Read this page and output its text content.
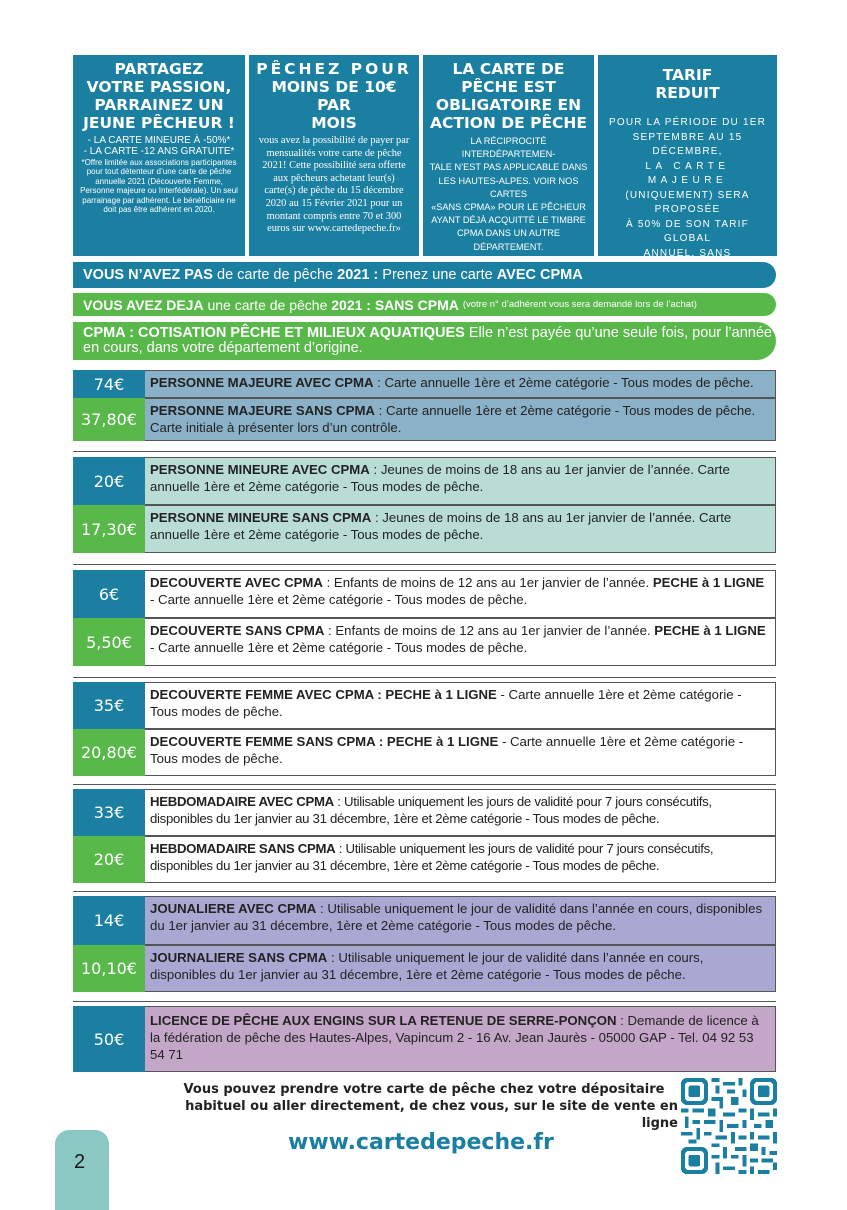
PARTAGEZ
VOTRE PASSION,
PARRAINEZ UN
JEUNE PÊCHEUR !
- LA CARTE MINEURE À -50%*
- LA CARTE -12 ANS GRATUITE*
*Offre limitée aux associations participantes
pour tout détenteur d’une carte de pêche
annuelle 2021 (Découverte Femme,
Personne majeure ou Interfédérale). Un seul
parrainage par adhérent. Le bénéficiaire ne
doit pas être adhérent en 2020.
PÊCHEZ POUR
MOINS DE 10€ PAR
MOIS
vous avez la possibilité de payer par
mensualités votre carte de pêche
2021! Cette possibilité sera offerte
aux pêcheurs achetant leur(s)
carte(s) de pêche du 15 décembre
2020 au 15 Février 2021 pour un
montant compris entre 70 et 300
euros sur www.cartedepeche.fr»
LA CARTE DE
PÊCHE EST
OBLIGATOIRE EN
ACTION DE PÊCHE
LA RÉCIPROCITÉ INTERDÉPARTEMEN-
TALE N’EST PAS APPLICABLE DANS
LES HAUTES-ALPES. VOIR NOS CARTES
«SANS CPMA» POUR LE PÊCHEUR
AYANT DÉJÀ ACQUITTÉ LE TIMBRE
CPMA DANS UN AUTRE DÉPARTEMENT.
TARIF
REDUIT
POUR LA PÉRIODE DU 1ER
SEPTEMBRE AU 15 DÉCEMBRE,
LA CARTE MAJEURE
(UNIQUEMENT) SERA PROPOSÉE
À 50% DE SON TARIF GLOBAL
ANNUEL, SANS
VOUS N’AVEZ PAS de carte de pêche 2021 : Prenez une carte AVEC CPMA
VOUS AVEZ DEJA une carte de pêche 2021 : SANS CPMA (votre n° d’adhérent vous sera demandé lors de l’achat)
CPMA : COTISATION PÊCHE ET MILIEUX AQUATIQUES Elle n’est payée qu’une seule fois, pour l’année en cours, dans votre département d’origine.
74€	PERSONNE MAJEURE AVEC CPMA : Carte annuelle 1ère et 2ème catégorie - Tous modes de pêche.
37,80€ PERSONNE MAJEURE SANS CPMA : Carte annuelle 1ère et 2ème catégorie - Tous modes de pêche. Carte initiale à présenter lors d’un contrôle.
20€
PERSONNE MINEURE AVEC CPMA : Jeunes de moins de 18 ans au 1er janvier de l’année. Carte annuelle 1ère et 2ème catégorie - Tous modes de pêche.
17,30€
PERSONNE MINEURE SANS CPMA : Jeunes de moins de 18 ans au 1er janvier de l’année. Carte annuelle 1ère et 2ème catégorie - Tous modes de pêche.
6€
DECOUVERTE AVEC CPMA : Enfants de moins de 12 ans au 1er janvier de l’année. PECHE à 1 LIGNE - Carte annuelle 1ère et 2ème catégorie - Tous modes de pêche.
5,50€
DECOUVERTE SANS CPMA : Enfants de moins de 12 ans au 1er janvier de l’année. PECHE à 1 LIGNE - Carte annuelle 1ère et 2ème catégorie - Tous modes de pêche.
35€
DECOUVERTE FEMME AVEC CPMA : PECHE à 1 LIGNE - Carte annuelle 1ère et 2ème catégorie - Tous modes de pêche.
20,80€
DECOUVERTE FEMME SANS CPMA : PECHE à 1 LIGNE - Carte annuelle 1ère et 2ème catégorie - Tous modes de pêche.
33€
HEBDOMADAIRE AVEC CPMA : Utilisable uniquement les jours de validité pour 7 jours consécutifs, disponibles du 1er janvier au 31 décembre, 1ère et 2ème catégorie - Tous modes de pêche.
20€
HEBDOMADAIRE SANS CPMA : Utilisable uniquement les jours de validité pour 7 jours consécutifs, disponibles du 1er janvier au 31 décembre, 1ère et 2ème catégorie - Tous modes de pêche.
14€
JOUNALIERE AVEC CPMA : Utilisable uniquement le jour de validité dans l’année en cours, disponibles du 1er janvier au 31 décembre, 1ère et 2ème catégorie - Tous modes de pêche.
10,10€
JOURNALIERE SANS CPMA : Utilisable uniquement le jour de validité dans l’année en cours, disponibles du 1er janvier au 31 décembre, 1ère et 2ème catégorie - Tous modes de pêche.
50€
LICENCE DE PÊCHE AUX ENGINS SUR LA RETENUE DE SERRE-PONÇON : Demande de licence à la fédération de pêche des Hautes-Alpes, Vapincum 2 - 16 Av. Jean Jaurès - 05000 GAP - Tel. 04 92 53 54 71
Vous pouvez prendre votre carte de pêche chez votre dépositaire
habituel ou aller directement, de chez vous, sur le site de vente en ligne
www.cartedepeche.fr
2
